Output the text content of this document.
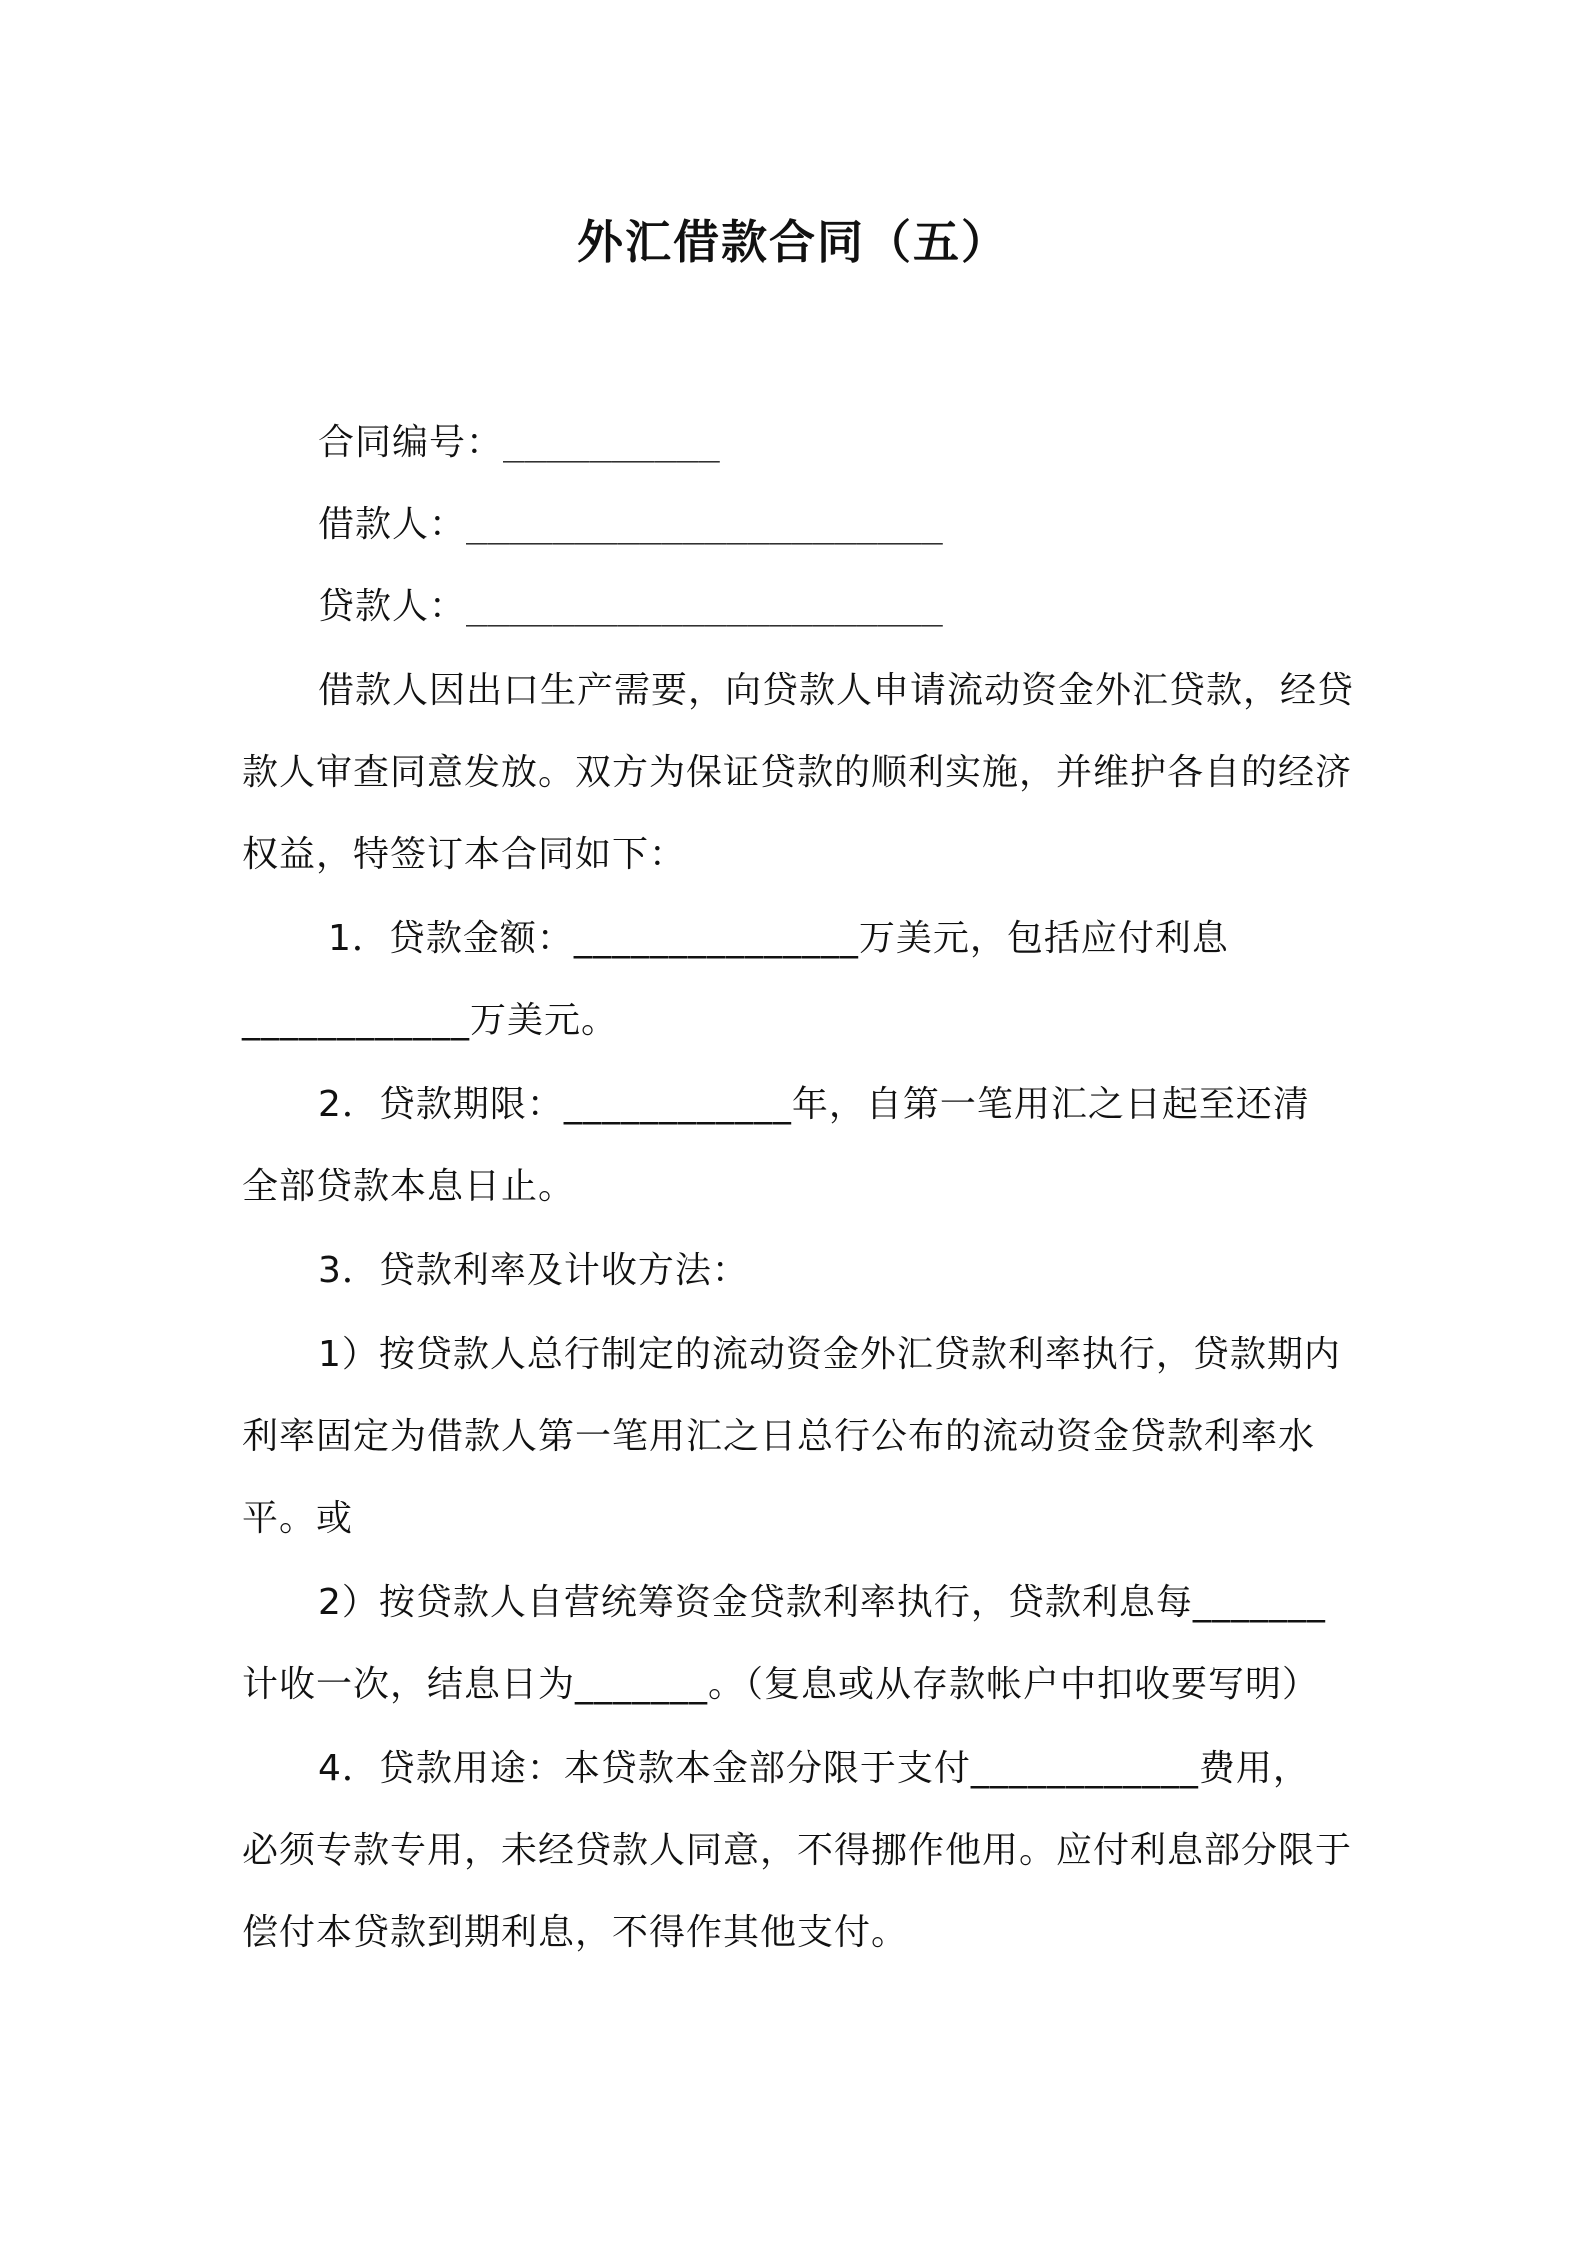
外汇借款合同（五）
合同编号：__________
借款人：______________________
贷款人：______________________
借款人因出口生产需要，向贷款人申请流动资金外汇贷款，经贷
款人审查同意发放。双方为保证贷款的顺利实施，并维护各自的经济
权益，特签订本合同如下：
1．贷款金额：_______________万美元，包括应付利息
____________万美元。
2．贷款期限：____________年，自第一笔用汇之日起至还清
全部贷款本息日止。
3．贷款利率及计收方法：
1）按贷款人总行制定的流动资金外汇贷款利率执行，贷款期内
利率固定为借款人第一笔用汇之日总行公布的流动资金贷款利率水
平。或
2）按贷款人自营统筹资金贷款利率执行，贷款利息每_______
计收一次，结息日为_______。（复息或从存款帐户中扣收要写明）
4．贷款用途：本贷款本金部分限于支付____________费用，
必须专款专用，未经贷款人同意，不得挪作他用。应付利息部分限于
偿付本贷款到期利息，不得作其他支付。
